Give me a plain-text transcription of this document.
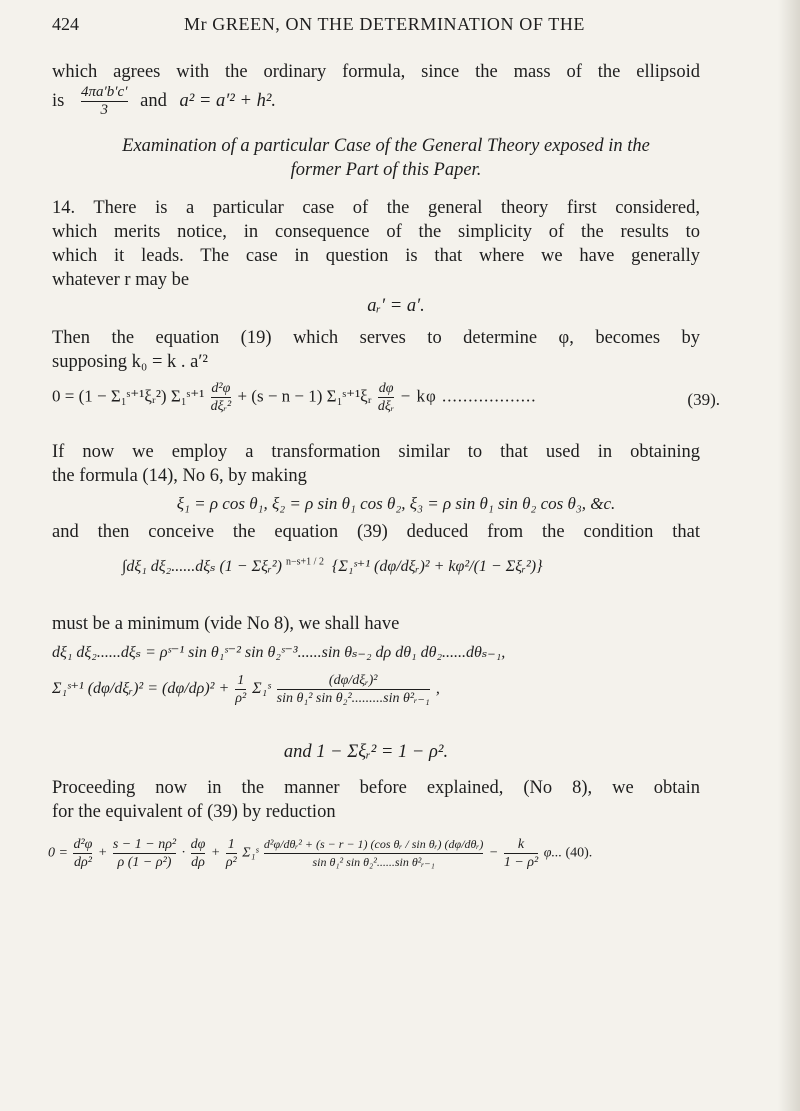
424	Mr GREEN, ON THE DETERMINATION OF THE
which agrees with the ordinary formula, since the mass of the ellipsoid
is $\frac{4\pi a'b'c'}{3}$ and a² = a′² + h².
Examination of a particular Case of the General Theory exposed in the
former Part of this Paper.
14. There is a particular case of the general theory first considered,
which merits notice, in consequence of the simplicity of the results to
which it leads. The case in question is that where we have generally
whatever r may be
aᵣ′ = a′.
Then the equation (19) which serves to determine φ, becomes by
supposing k₀ = k . a′²
0 = (1 − Σ₁ˢ⁺¹ξᵣ²) Σ₁ˢ⁺¹ $\frac{\text{d²φ}}{\text{dξᵣ²}} + (s - n - 1)$ Σ₁ˢ⁺¹ξᵣ $\frac{d\varphi}{\text{dξᵣ}} - k\varphi$ ..................	(39).
If now we employ a transformation similar to that used in obtaining
the formula (14), No 6, by making
ξ₁ = ρ cos θ₁, ξ₂ = ρ sin θ₁ cos θ₂, ξ₃ = ρ sin θ₁ sin θ₂ cos θ₃, &c.
and then conceive the equation (39) deduced from the condition that
∫dξ₁ dξ₂......dξₛ (1 − Σξᵣ²) $^{n-s+1 / 2}$ {Σ₁ˢ⁺¹ (dφ/dξᵣ)² + kφ²/(1 − Σξᵣ²)}
must be a minimum (vide No 8), we shall have
dξ₁ dξ₂......dξₛ = ρˢ⁻¹ sin θ₁ˢ⁻² sin θ₂ˢ⁻³......sin θₛ₋₂ dρ dθ₁ dθ₂......dθₛ₋₁,
Σ₁ˢ⁺¹ (dφ/dξᵣ)² = $(d\varphi/d\rho)^2 + \frac{1}{\text{ρ²}}$ Σ₁ˢ $\frac{\text{(dφ/dξᵣ)²}}{\text{sin θ₁² sin θ₂².........sin θ²ᵣ₋₁}}$ ,
and 1 − Σξᵣ² = 1 − ρ².
Proceeding now in the manner before explained, (No 8), we obtain
for the equivalent of (39) by reduction
$0 = \frac{\text{d²φ}}{\text{dρ²}} + \frac{\text{s − 1 − nρ²}}{\text{ρ (1 − ρ²)}} \cdot \frac{d\varphi}{d\rho} + \frac{1}{\text{ρ²}}$ Σ₁ˢ $\frac{\text{d²φ/dθᵣ² + (s − r − 1) (cos θᵣ / sin θᵣ) (dφ/dθᵣ)}}{\text{sin θ₁² sin θ₂²......sin θ²ᵣ₋₁}} - \frac{k}{\text{1 − ρ²}} \varphi$... (40).
